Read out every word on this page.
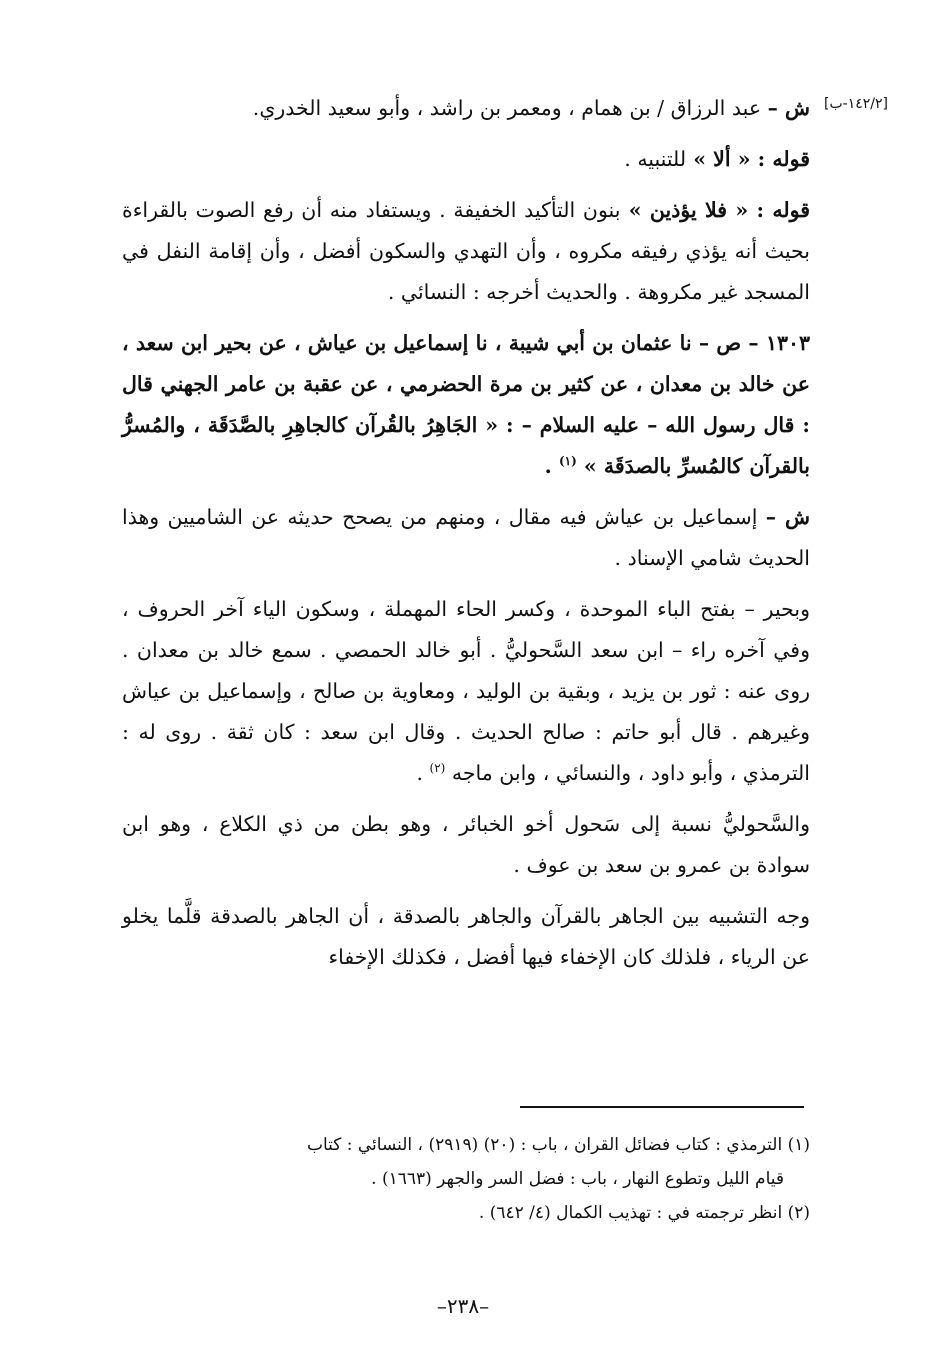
[١٤٢/٢-ب]

ش – عبد الرزاق / بن همام ، ومعمر بن راشد ، وأبو سعيد الخدري.

قوله : « ألا » للتنبيه .

قوله : « فلا يؤذين » بنون التأكيد الخفيفة . ويستفاد منه أن رفع الصوت بالقراءة بحيث أنه يؤذي رفيقه مكروه ، وأن التهدي والسكون أفضل ، وأن إقامة النفل في المسجد غير مكروهة . والحديث أخرجه : النسائي .

١٣٠٣ – ص – نا عثمان بن أبي شيبة ، نا إسماعيل بن عياش ، عن بحير ابن سعد ، عن خالد بن معدان ، عن كثير بن مرة الحضرمي ، عن عقبة بن عامر الجهني قال : قال رسول الله – عليه السلام – : « الجَاهِرُ بالقُرآن كالجاهِرِ بالصَّدَقَة ، والمُسرُّ بالقرآن كالمُسرِّ بالصدَقَة » $^{(١)}$ .

ش – إسماعيل بن عياش فيه مقال ، ومنهم من يصحح حديثه عن الشاميين وهذا الحديث شامي الإسناد .

وبحير – بفتح الباء الموحدة ، وكسر الحاء المهملة ، وسكون الياء آخر الحروف ، وفي آخره راء – ابن سعد السَّحوليُّ . أبو خالد الحمصي . سمع خالد بن معدان . روى عنه : ثور بن يزيد ، وبقية بن الوليد ، ومعاوية بن صالح ، وإسماعيل بن عياش وغيرهم . قال أبو حاتم : صالح الحديث . وقال ابن سعد : كان ثقة . روى له : الترمذي ، وأبو داود ، والنسائي ، وابن ماجه $^{(٢)}$ .

والسَّحوليُّ نسبة إلى سَحول أخو الخبائر ، وهو بطن من ذي الكلاع ، وهو ابن سوادة بن عمرو بن سعد بن عوف .

وجه التشبيه بين الجاهر بالقرآن والجاهر بالصدقة ، أن الجاهر بالصدقة قلَّما يخلو عن الرياء ، فلذلك كان الإخفاء فيها أفضل ، فكذلك الإخفاء

(١) الترمذي : كتاب فضائل القران ، باب : (٢٠) (٢٩١٩) ، النسائي : كتاب

قيام الليل وتطوع النهار ، باب : فضل السر والجهر (١٦٦٣) .

(٢) انظر ترجمته في : تهذيب الكمال (٤/ ٦٤٢) .

–٢٣٨–
